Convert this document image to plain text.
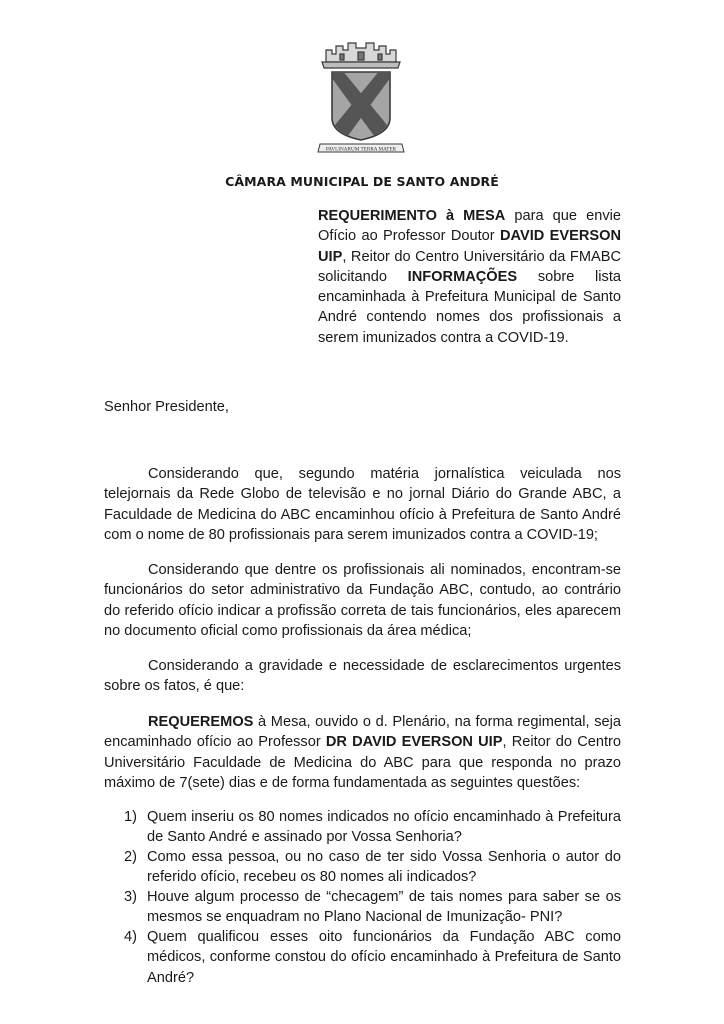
PAVLINARUM TERRA MATER
CÂMARA MUNICIPAL DE SANTO ANDRÉ
REQUERIMENTO à MESA para que envie Ofício ao Professor Doutor DAVID EVERSON UIP, Reitor do Centro Universitário da FMABC solicitando INFORMAÇÕES sobre lista encaminhada à Prefeitura Municipal de Santo André contendo nomes dos profissionais a serem imunizados contra a COVID-19.
Senhor Presidente,
Considerando que, segundo matéria jornalística veiculada nos telejornais da Rede Globo de televisão e no jornal Diário do Grande ABC, a Faculdade de Medicina do ABC encaminhou ofício à Prefeitura de Santo André com o nome de 80 profissionais para serem imunizados contra a COVID-19;
Considerando que dentre os profissionais ali nominados, encontram-se funcionários do setor administrativo da Fundação ABC, contudo, ao contrário do referido ofício indicar a profissão correta de tais funcionários, eles aparecem no documento oficial como profissionais da área médica;
Considerando a gravidade e necessidade de esclarecimentos urgentes sobre os fatos, é que:
REQUEREMOS à Mesa, ouvido o d. Plenário, na forma regimental, seja encaminhado ofício ao Professor DR DAVID EVERSON UIP, Reitor do Centro Universitário Faculdade de Medicina do ABC para que responda no prazo máximo de 7(sete) dias e de forma fundamentada as seguintes questões:
1) Quem inseriu os 80 nomes indicados no ofício encaminhado à Prefeitura de Santo André e assinado por Vossa Senhoria?
2) Como essa pessoa, ou no caso de ter sido Vossa Senhoria o autor do referido ofício, recebeu os 80 nomes ali indicados?
3) Houve algum processo de “checagem” de tais nomes para saber se os mesmos se enquadram no Plano Nacional de Imunização- PNI?
4) Quem qualificou esses oito funcionários da Fundação ABC como médicos, conforme constou do ofício encaminhado à Prefeitura de Santo André?
